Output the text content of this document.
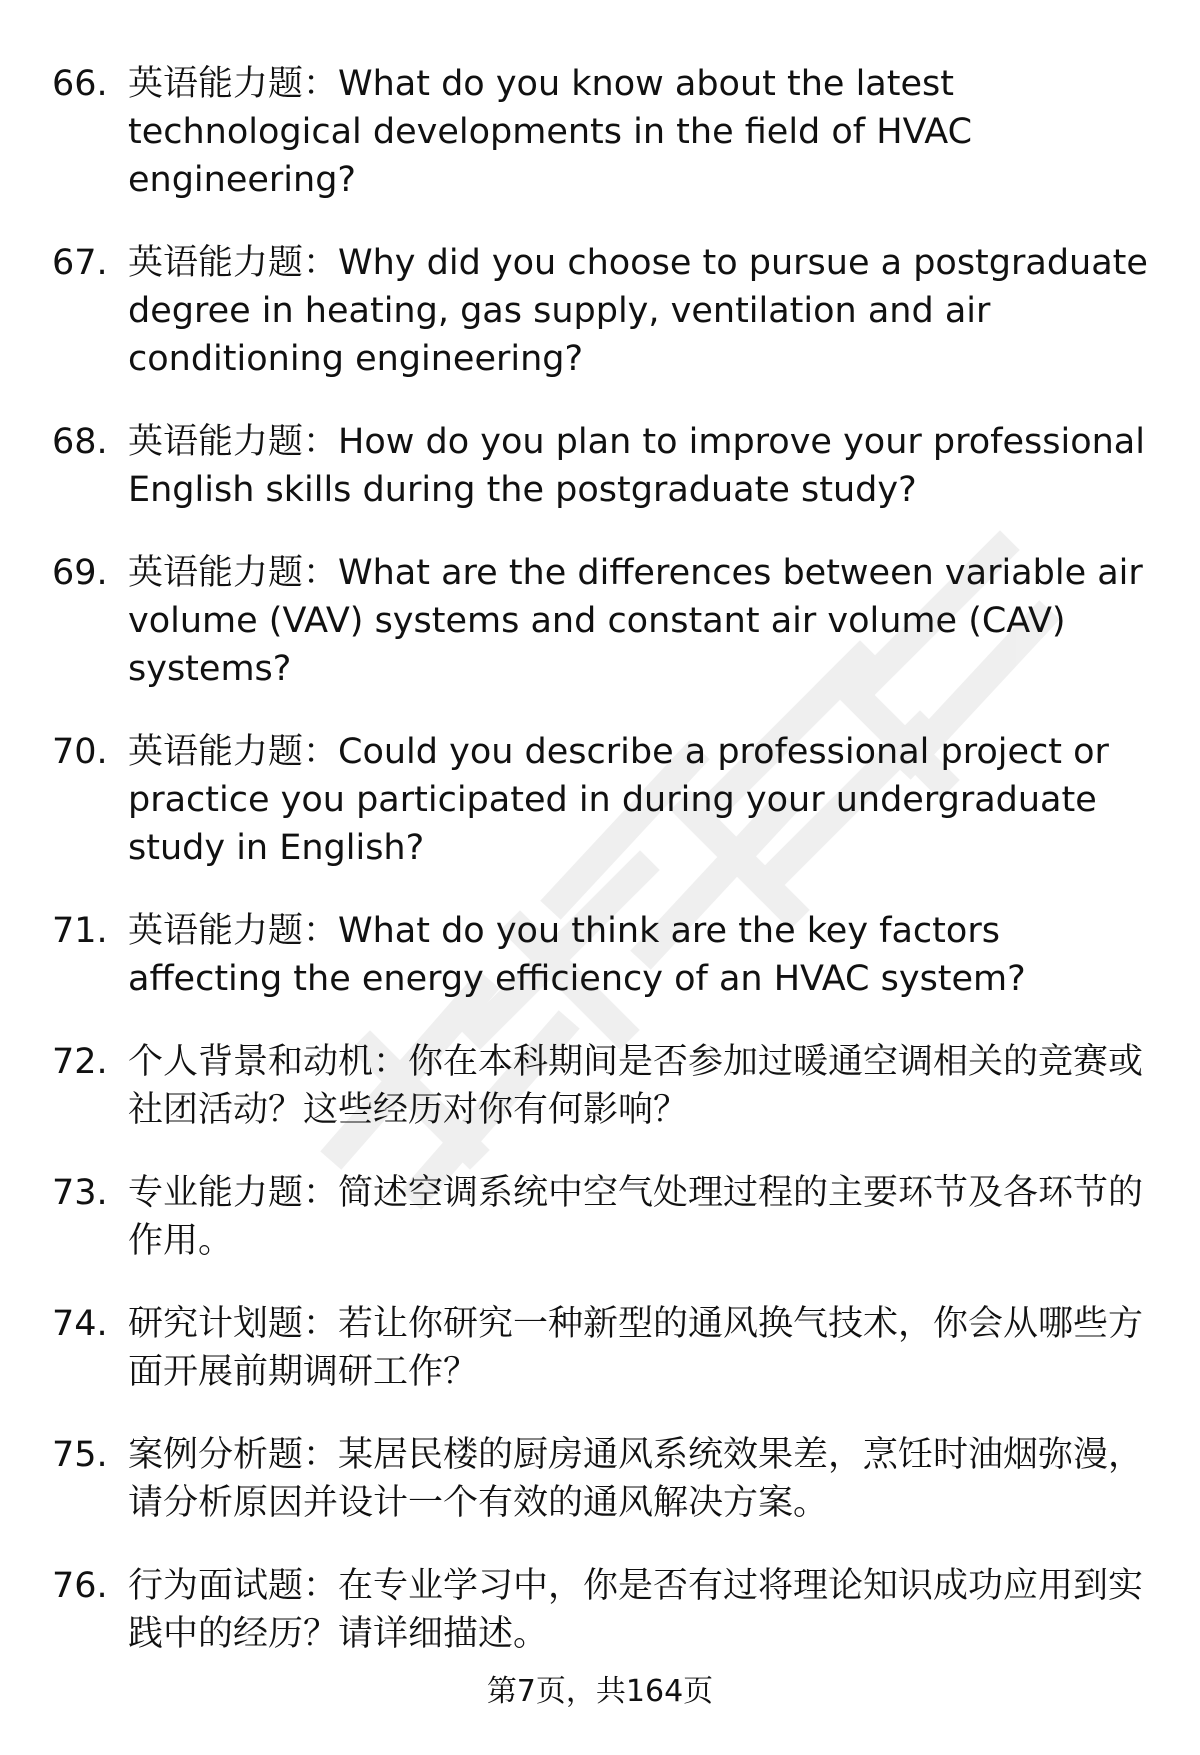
66. 英语能力题：What do you know about the latest technological developments in the field of HVAC engineering?
67. 英语能力题：Why did you choose to pursue a postgraduate degree in heating, gas supply, ventilation and air conditioning engineering?
68. 英语能力题：How do you plan to improve your professional English skills during the postgraduate study?
69. 英语能力题：What are the differences between variable air volume (VAV) systems and constant air volume (CAV) systems?
70. 英语能力题：Could you describe a professional project or practice you participated in during your undergraduate study in English?
71. 英语能力题：What do you think are the key factors affecting the energy efficiency of an HVAC system?
72. 个人背景和动机：你在本科期间是否参加过暖通空调相关的竞赛或社团活动？这些经历对你有何影响？
73. 专业能力题：简述空调系统中空气处理过程的主要环节及各环节的作用。
74. 研究计划题：若让你研究一种新型的通风换气技术，你会从哪些方面开展前期调研工作？
75. 案例分析题：某居民楼的厨房通风系统效果差，烹饪时油烟弥漫，请分析原因并设计一个有效的通风解决方案。
76. 行为面试题：在专业学习中，你是否有过将理论知识成功应用到实践中的经历？请详细描述。
第7页，共164页
